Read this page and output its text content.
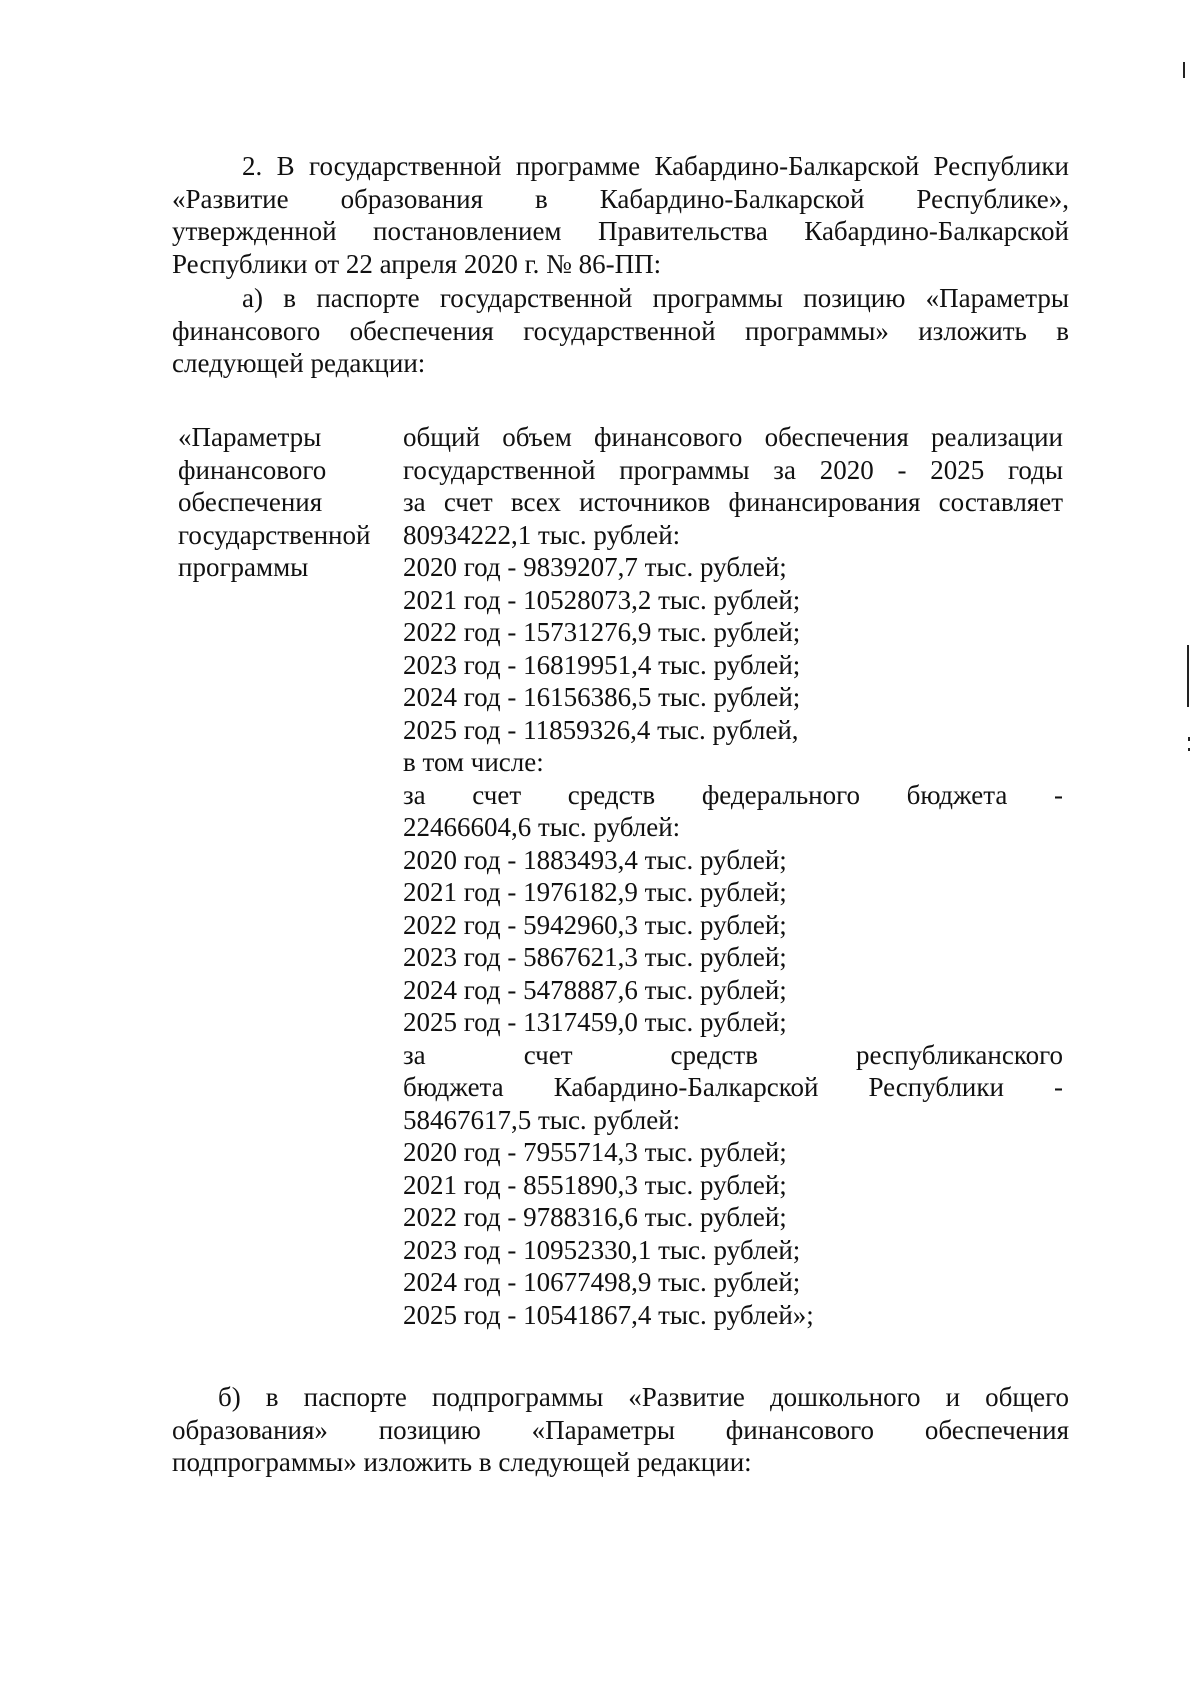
2. В государственной программе Кабардино-Балкарской Республики
«Развитие образования в Кабардино-Балкарской Республике»,
утвержденной постановлением Правительства Кабардино-Балкарской
Республики от 22 апреля 2020 г. № 86-ПП:
а) в паспорте государственной программы позицию «Параметры
финансового обеспечения государственной программы» изложить в
следующей редакции:
«Параметры
финансового
обеспечения
государственной
программы
общий объем финансового обеспечения реализации
государственной программы за 2020 - 2025 годы
за счет всех источников финансирования составляет
80934222,1 тыс. рублей:
2020 год - 9839207,7 тыс. рублей;
2021 год - 10528073,2 тыс. рублей;
2022 год - 15731276,9 тыс. рублей;
2023 год - 16819951,4 тыс. рублей;
2024 год - 16156386,5 тыс. рублей;
2025 год - 11859326,4 тыс. рублей,
в том числе:
за счет средств федерального бюджета -
22466604,6 тыс. рублей:
2020 год - 1883493,4 тыс. рублей;
2021 год - 1976182,9 тыс. рублей;
2022 год - 5942960,3 тыс. рублей;
2023 год - 5867621,3 тыс. рублей;
2024 год - 5478887,6 тыс. рублей;
2025 год - 1317459,0 тыс. рублей;
за счет средств республиканского
бюджета Кабардино-Балкарской Республики -
58467617,5 тыс. рублей:
2020 год - 7955714,3 тыс. рублей;
2021 год - 8551890,3 тыс. рублей;
2022 год - 9788316,6 тыс. рублей;
2023 год - 10952330,1 тыс. рублей;
2024 год - 10677498,9 тыс. рублей;
2025 год - 10541867,4 тыс. рублей»;
б) в паспорте подпрограммы «Развитие дошкольного и общего
образования» позицию «Параметры финансового обеспечения
подпрограммы» изложить в следующей редакции:
